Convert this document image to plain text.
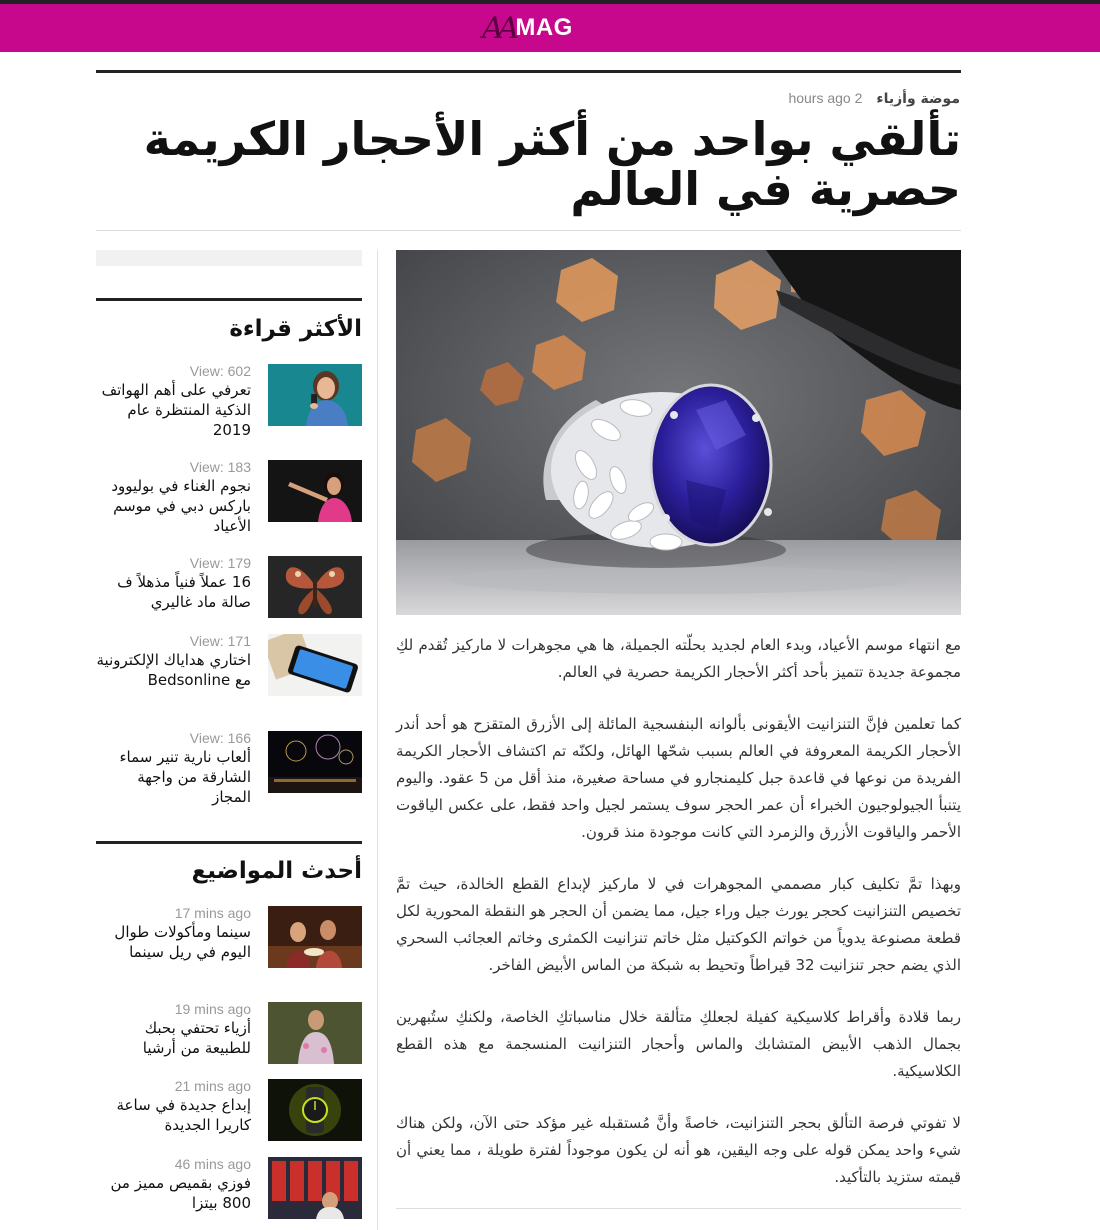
AA MAG
موضة وأزياء
2 hours ago
تألقي بواحد من أكثر الأحجار الكريمة حصرية في العالم

مع انتهاء موسم الأعياد، وبدء العام لجديد بحلّته الجميلة، ها هي مجوهرات لا ماركيز تُقدم لكِ مجموعة جديدة تتميز بأحد أكثر الأحجار الكريمة حصرية في العالم.

كما تعلمين فإنَّ التنزانيت الأيقونى بألوانه البنفسجية المائلة إلى الأزرق المتقزح هو أحد أندر الأحجار الكريمة المعروفة في العالم بسبب شحّها الهائل، ولكنّه تم اكتشاف الأحجار الكريمة الفريدة من نوعها في قاعدة جبل كليمنجارو في مساحة صغيرة، منذ أقل من 5 عقود. واليوم يتنبأ الجيولوجيون الخبراء أن عمر الحجر سوف يستمر لجيل واحد فقط، على عكس الياقوت الأحمر والياقوت الأزرق والزمرد التي كانت موجودة منذ قرون.

وبهذا تمَّ تكليف كبار مصممي المجوهرات في لا ماركيز لإبداع القطع الخالدة، حيث تمَّ تخصيص التنزانيت كحجر يورث جيل وراء جيل، مما يضمن أن الحجر هو النقطة المحورية لكل قطعة مصنوعة يدوياً من خواتم الكوكتيل مثل خاتم تنزانيت الكمثرى وخاتم العجائب السحري الذي يضم حجر تنزانيت 32 قيراطاً وتحيط به شبكة من الماس الأبيض الفاخر.

ربما قلادة وأقراط كلاسيكية كفيلة لجعلكِ متألقة خلال مناسباتكِ الخاصة، ولكنكِ ستُبهرين بجمال الذهب الأبيض المتشابك والماس وأحجار التنزانيت المنسجمة مع هذه القطع الكلاسيكية.

لا تفوتي فرصة التألق بحجر التنزانيت، خاصةً وأنَّ مُستقبله غير مؤكد حتى الآن، ولكن هناك شيء واحد يمكن قوله على وجه اليقين، هو أنه لن يكون موجوداً لفترة طويلة ، مما يعني أن قيمته ستزيد بالتأكيد.

الأكثر قراءة
View: 602
تعرفي على أهم الهواتف الذكية المنتظرة عام 2019
View: 183
نجوم الغناء في بوليوود باركس دبي في موسم الأعياد
View: 179
16 عملاً فنياً مذهلاً ف صالة ماد غاليري
View: 171
اختاري هداياك الإلكترونية مع Bedsonline
View: 166
ألعاب نارية تنير سماء الشارقة من واجهة المجاز
أحدث المواضيع
17 mins ago
سينما ومأكولات طوال اليوم في ريل سينما
19 mins ago
أزياء تحتفي بحبك للطبيعة من أرشيا
21 mins ago
إبداع جديدة في ساعة كاريرا الجديدة
46 mins ago
فوزي بقميص مميز من 800 بيتزا
